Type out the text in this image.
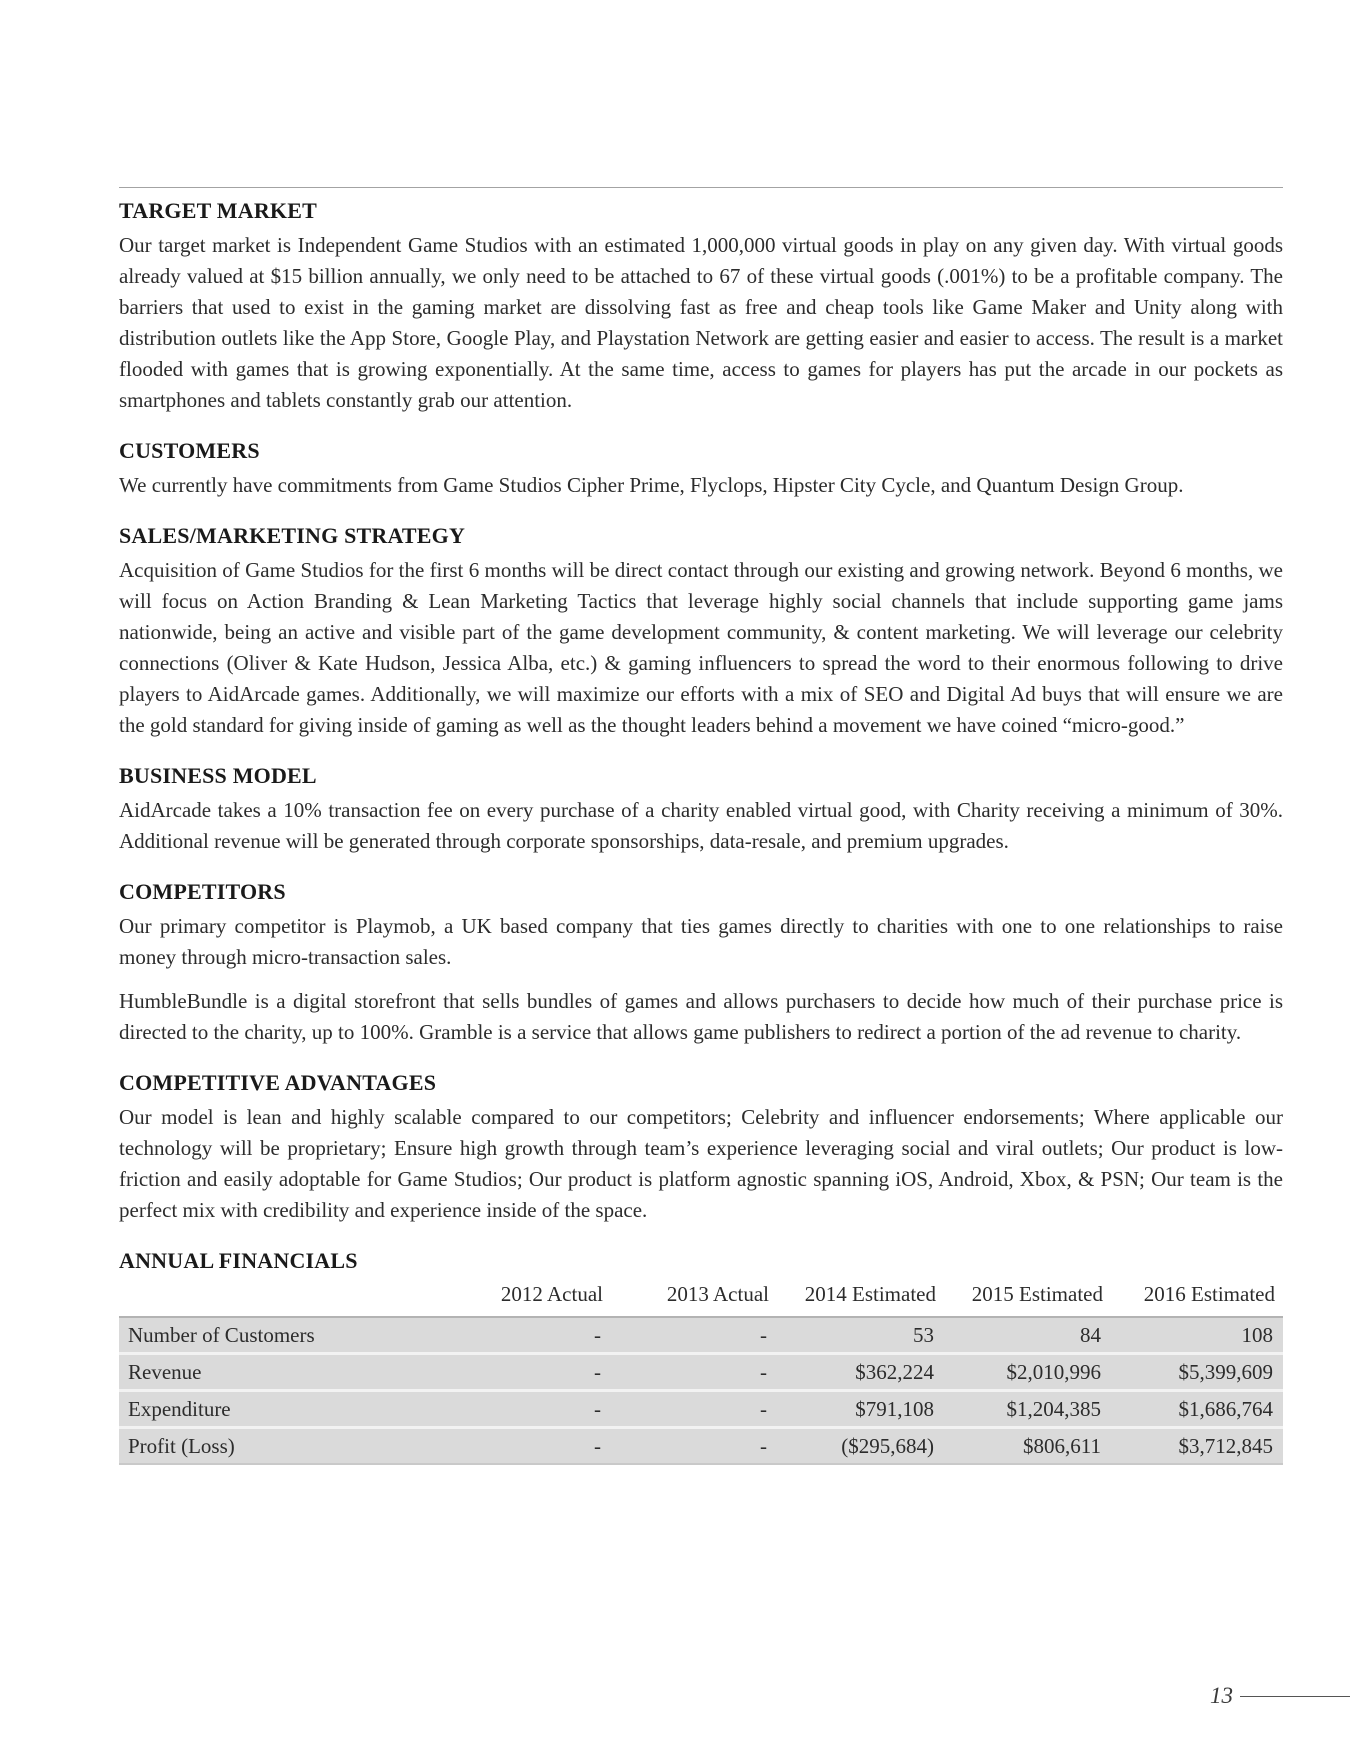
TARGET MARKET

Our target market is Independent Game Studios with an estimated 1,000,000 virtual goods in play on any given day. With virtual goods already valued at $15 billion annually, we only need to be attached to 67 of these virtual goods (.001%) to be a profitable company. The barriers that used to exist in the gaming market are dissolving fast as free and cheap tools like Game Maker and Unity along with distribution outlets like the App Store, Google Play, and Playstation Network are getting easier and easier to access. The result is a market flooded with games that is growing exponentially. At the same time, access to games for players has put the arcade in our pockets as smartphones and tablets constantly grab our attention.

CUSTOMERS

We currently have commitments from Game Studios Cipher Prime, Flyclops, Hipster City Cycle, and Quantum Design Group.

SALES/MARKETING STRATEGY

Acquisition of Game Studios for the first 6 months will be direct contact through our existing and growing network. Beyond 6 months, we will focus on Action Branding & Lean Marketing Tactics that leverage highly social channels that include supporting game jams nationwide, being an active and visible part of the game development community, & content marketing. We will leverage our celebrity connections (Oliver & Kate Hudson, Jessica Alba, etc.) & gaming influencers to spread the word to their enormous following to drive players to AidArcade games. Additionally, we will maximize our efforts with a mix of SEO and Digital Ad buys that will ensure we are the gold standard for giving inside of gaming as well as the thought leaders behind a movement we have coined “micro-good.”

BUSINESS MODEL

AidArcade takes a 10% transaction fee on every purchase of a charity enabled virtual good, with Charity receiving a minimum of 30%. Additional revenue will be generated through corporate sponsorships, data-resale, and premium upgrades.

COMPETITORS

Our primary competitor is Playmob, a UK based company that ties games directly to charities with one to one relationships to raise money through micro-transaction sales.

HumbleBundle is a digital storefront that sells bundles of games and allows purchasers to decide how much of their purchase price is directed to the charity, up to 100%. Gramble is a service that allows game publishers to redirect a portion of the ad revenue to charity.

COMPETITIVE ADVANTAGES

Our model is lean and highly scalable compared to our competitors; Celebrity and influencer endorsements; Where applicable our technology will be proprietary; Ensure high growth through team’s experience leveraging social and viral outlets; Our product is low-friction and easily adoptable for Game Studios; Our product is platform agnostic spanning iOS, Android, Xbox, & PSN; Our team is the perfect mix with credibility and experience inside of the space.

ANNUAL FINANCIALS
	2012 Actual	2013 Actual	2014 Estimated	2015 Estimated	2016 Estimated
Number of Customers	-	-	53	84	108
Revenue	-	-	$362,224	$2,010,996	$5,399,609
Expenditure	-	-	$791,108	$1,204,385	$1,686,764
Profit (Loss)	-	-	($295,684)	$806,611	$3,712,845
13
